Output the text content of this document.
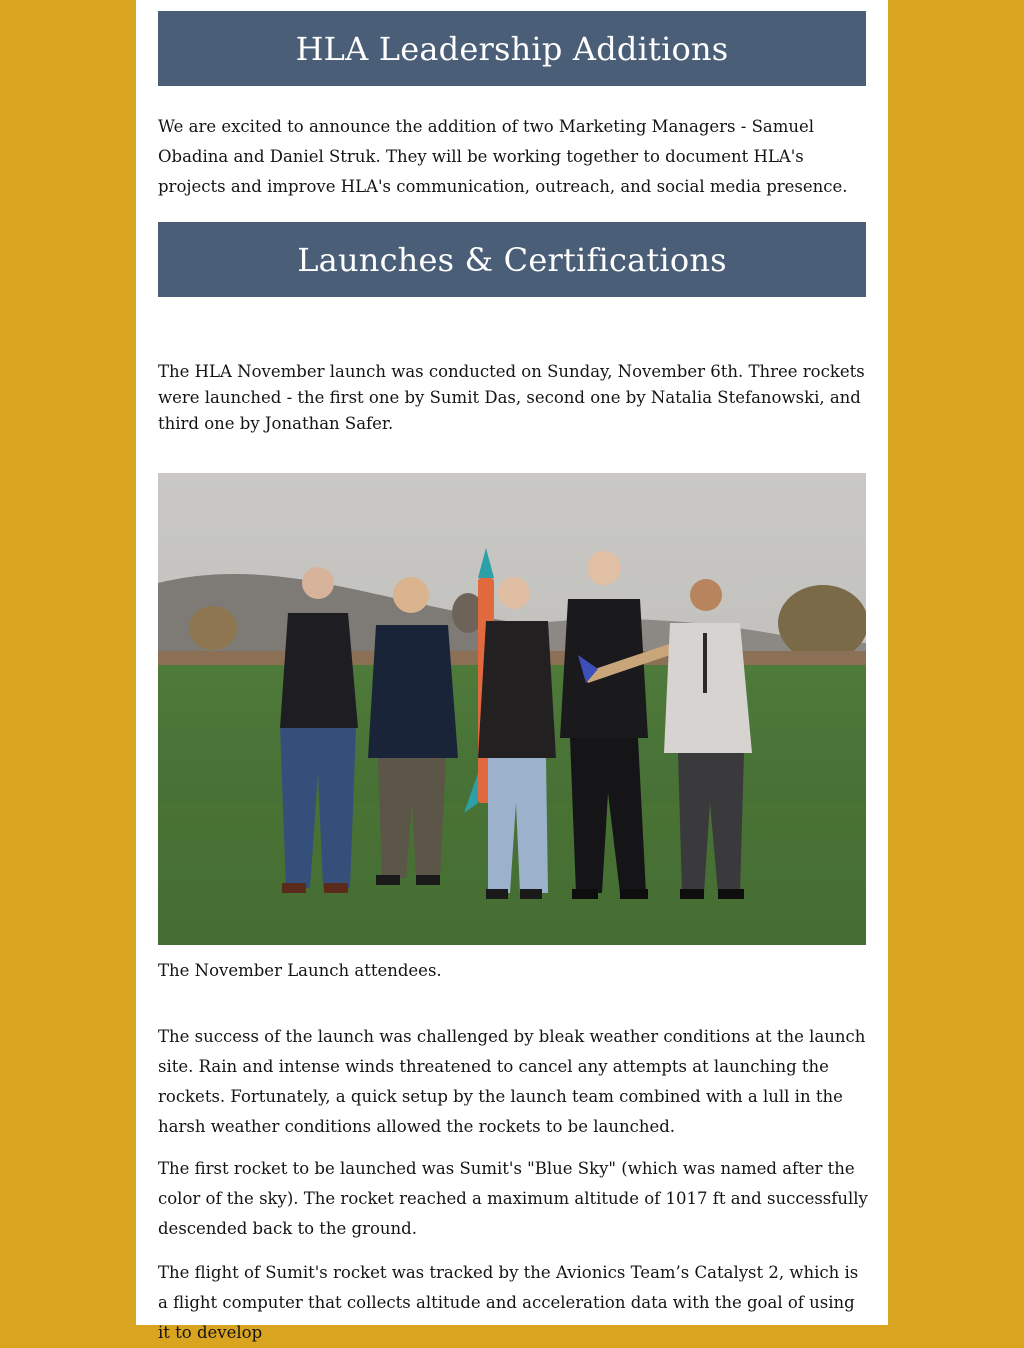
HLA Leadership Additions

We are excited to announce the addition of two Marketing Managers - Samuel Obadina and Daniel Struk. They will be working together to document HLA's projects and improve HLA's communication, outreach, and social media presence.

Launches & Certifications

The HLA November launch was conducted on Sunday, November 6th. Three rockets were launched - the first one by Sumit Das, second one by Natalia Stefanowski, and third one by Jonathan Safer.

The November Launch attendees.

The success of the launch was challenged by bleak weather conditions at the launch site. Rain and intense winds threatened to cancel any attempts at launching the rockets. Fortunately, a quick setup by the launch team combined with a lull in the harsh weather conditions allowed the rockets to be launched.

The first rocket to be launched was Sumit's "Blue Sky" (which was named after the color of the sky). The rocket reached a maximum altitude of 1017 ft and successfully descended back to the ground.

The flight of Sumit's rocket was tracked by the Avionics Team’s Catalyst 2, which is a flight computer that collects altitude and acceleration data with the goal of using it to develop
